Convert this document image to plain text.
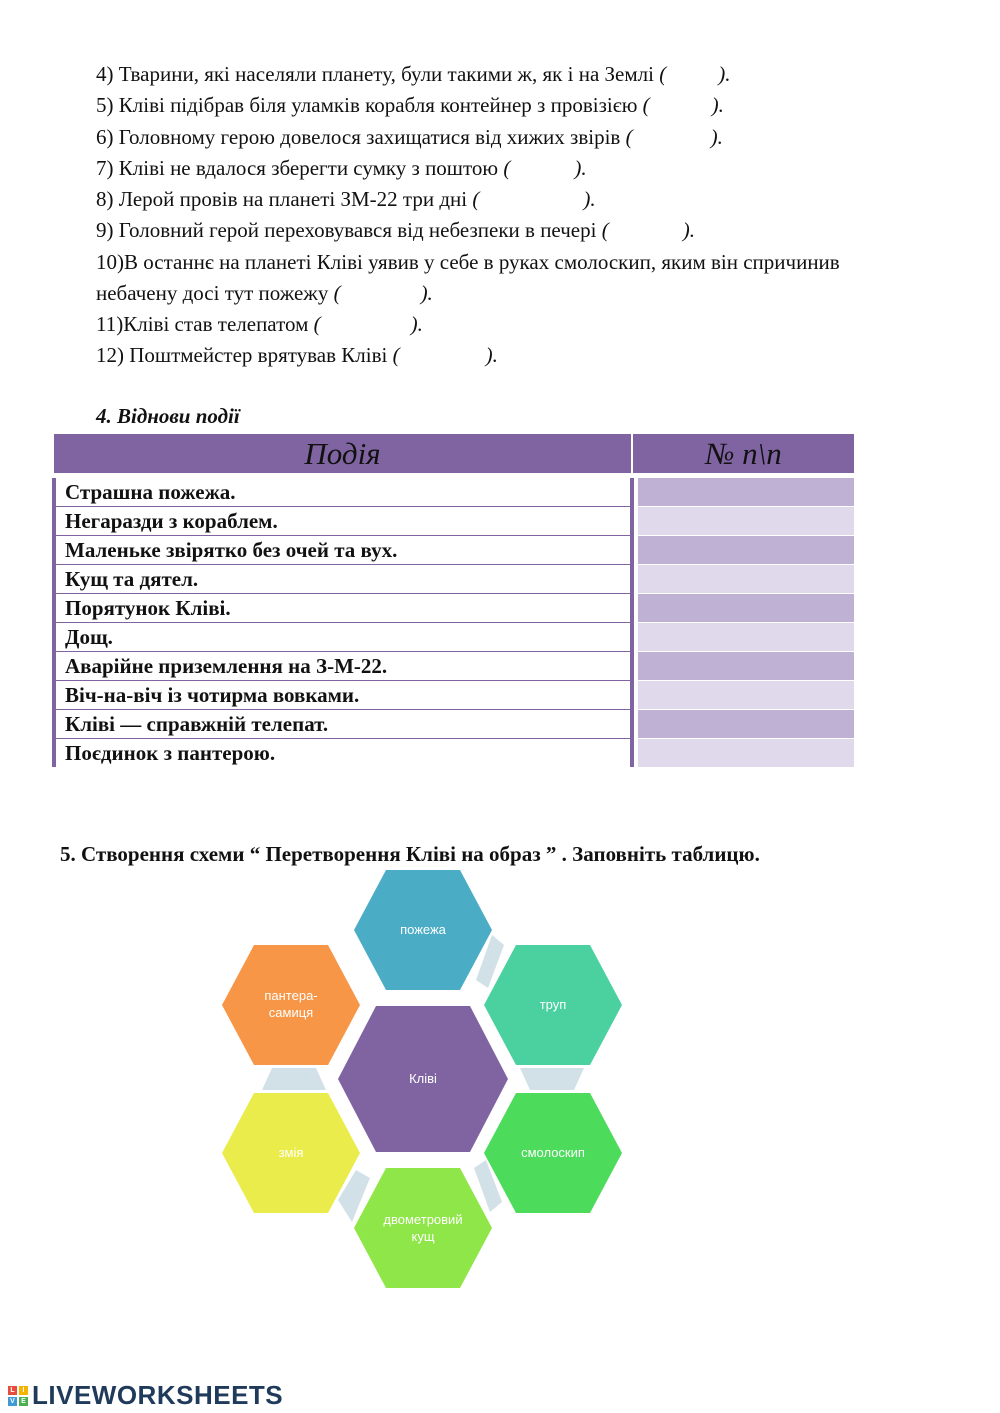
4) Тварини, які населяли планету, були такими ж, як і на Землі ( ).
5) Кліві підібрав біля уламків корабля контейнер з провізією (	).
6) Головному герою довелося захищатися від хижих звірів (	).
7) Кліві не вдалося зберегти сумку з поштою (	).
8) Лерой провів на планеті ЗМ-22 три дні (	).
9) Головний герой переховувався від небезпеки в печері (	).
10)В останнє на планеті Кліві уявив у себе в руках смолоскип, яким він спричинив
небачену досі тут пожежу (	).
11)Кліві став телепатом (	).
12) Поштмейстер врятував Кліві (	).
4. Віднови події
Подія	№ п\п

Страшна пожежа.	

Негаразди з кораблем.	

Маленьке звірятко без очей та вух.	

Кущ та дятел.	

Порятунок Кліві.	

Дощ.	

Аварійне приземлення на З-М-22.	

Віч-на-віч із чотирма вовками.	

Кліві — справжній телепат.	

Поєдинок з пантерою.	
5. Створення схеми “ Перетворення Кліві на образ ” . Заповніть таблицю.
пожежа
труп
смолоскип
двометровий
кущ
змія
пантера-
самиця
Кліві
L	I
V E LIVEWORKSHEETS
